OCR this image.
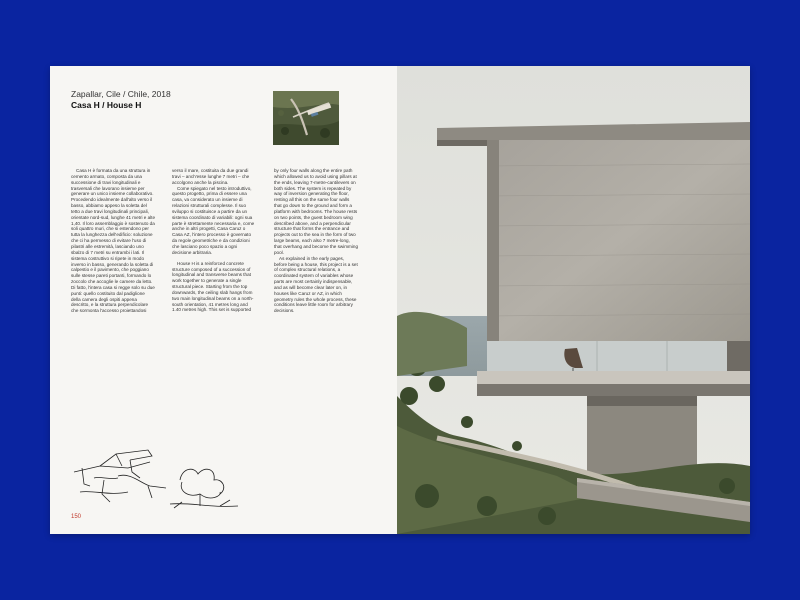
Zapallar, Cile / Chile, 2018
Casa H / House H

Casa H è formata da una struttura in cemento armato, composta da una successione di travi longitudinali e trasversali che lavorano insieme per generare un unico insieme collaborativo. Procedendo idealmente dall'alto verso il basso, abbiamo appeso la soletta del tetto a due travi longitudinali principali, orientate nord-sud, lunghe 41 metri e alte 1,40. Il loro assemblaggio è sostenuto da soli quattro muri, che si estendono per tutta la lunghezza dell'edificio: soluzione che ci ha permesso di evitare l'uso di pilastri alle estremità, lasciando uno sbalzo di 7 metri su entrambi i lati. Il sistema costruttivo si ripete in modo inverso in basso, generando la soletta di calpestio e il pavimento, che poggiano sulle stesse pareti portanti, formando lo zoccolo che accoglie le camere da letto. Di fatto, l'intera casa si regge solo su due punti: quello costituito dal padiglione della camera degli ospiti appena descritto, e la struttura perpendicolare che sormonta l'accesso proiettandosi

verso il mare, costituita da due grandi travi – anch'esse lunghe 7 metri – che accolgono anche la piscina.

Come spiegato nel testo introduttivo, questo progetto, prima di essere una casa, va considerato un insieme di relazioni strutturali complesse. Il suo sviluppo si costituisce a partire da un sistema coordinato di variabili: ogni sua parte è strettamente necessaria e, come anche in altri progetti, Casa Caruz o Casa AZ, l'intero processo è governato da regole geometriche e da condizioni che lasciano poco spazio a ogni decisione arbitraria.

House H is a reinforced concrete structure composed of a succession of longitudinal and transverse beams that work together to generate a single structural piece. Starting from the top downwards, the ceiling slab hangs from two main longitudinal beams on a north-south orientation, 41 metres long and 1.40 metres high. This set is supported

by only four walls along the entire path which allowed us to avoid using pillars at the ends, leaving 7-metre-cantilevers on both sides. The system is repeated by way of inversion generating the floor, resting all this on the same four walls that go down to the ground and form a platform with bedrooms. The house rests on two points, the guest bedroom wing described above, and a perpendicular structure that forms the entrance and projects out to the sea in the form of two large beams, each also 7 metre-long, that overhang and become the swimming pool.

As explained in the early pages, before being a house, this project is a set of complex structural relations, a coordinated system of variables whose parts are most certainly indispensable, and as will become clear later on, in houses like Caruz or AZ, in which geometry rules the whole process, these conditions leave little room for arbitrary decisions.

150
